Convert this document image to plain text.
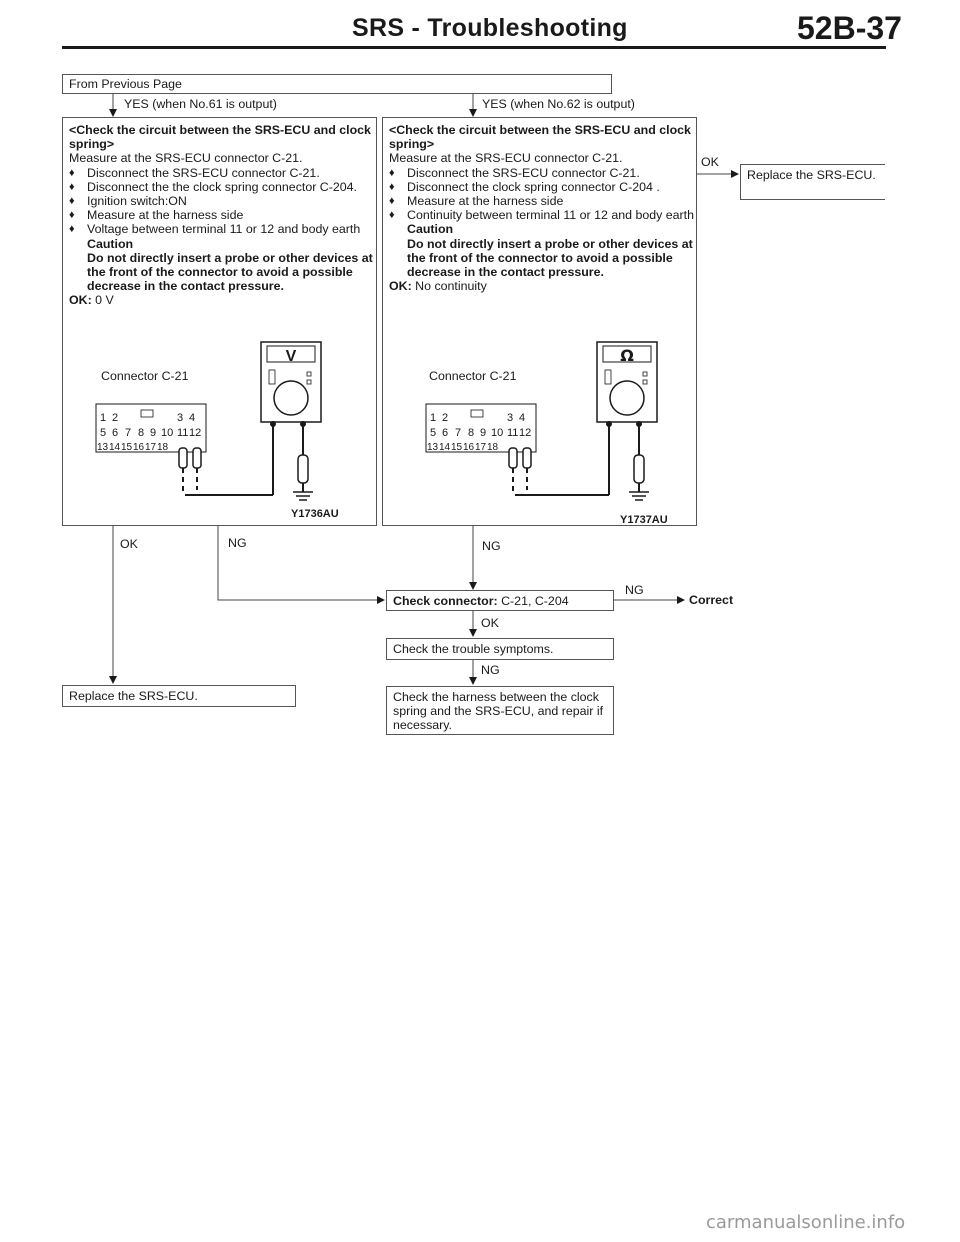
SRS - Troubleshooting	52B-37
From Previous Page
YES (when No.61 is output)	YES (when No.62 is output)
<Check the circuit between the SRS-ECU and clock spring>
Measure at the SRS-ECU connector C-21.
♦ Disconnect the SRS-ECU connector C-21.
♦ Disconnect the the clock spring connector C-204.
♦ Ignition switch:ON
♦ Measure at the harness side
♦ Voltage between terminal 11 or 12 and body earth
Caution
Do not directly insert a probe or other devices at the front of the connector to avoid a possible decrease in the contact pressure.
OK: 0 V
Connector C-21
V
1 2	3 4
5 6 7 8 9 10 11 12
13 14 15 16 17 18
Y1736AU
<Check the circuit between the SRS-ECU and clock spring>
Measure at the SRS-ECU connector C-21.
♦ Disconnect the SRS-ECU connector C-21.
♦ Disconnect the clock spring connector C-204 .
♦ Measure at the harness side
♦ Continuity between terminal 11 or 12 and body earth
Caution
Do not directly insert a probe or other devices at the front of the connector to avoid a possible decrease in the contact pressure.
OK: No continuity
Connector C-21
Ω
1 2	3 4
5 6 7 8 9 10 11 12
13 14 15 16 17 18
Y1737AU
OK
Replace the SRS-ECU.
OK	NG	NG
Check connector: C-21, C-204
NG
Correct
OK
Check the trouble symptoms.
NG
Replace the SRS-ECU.	Check the harness between the clock spring and the SRS-ECU, and repair if necessary.
carmanualsonline.info
